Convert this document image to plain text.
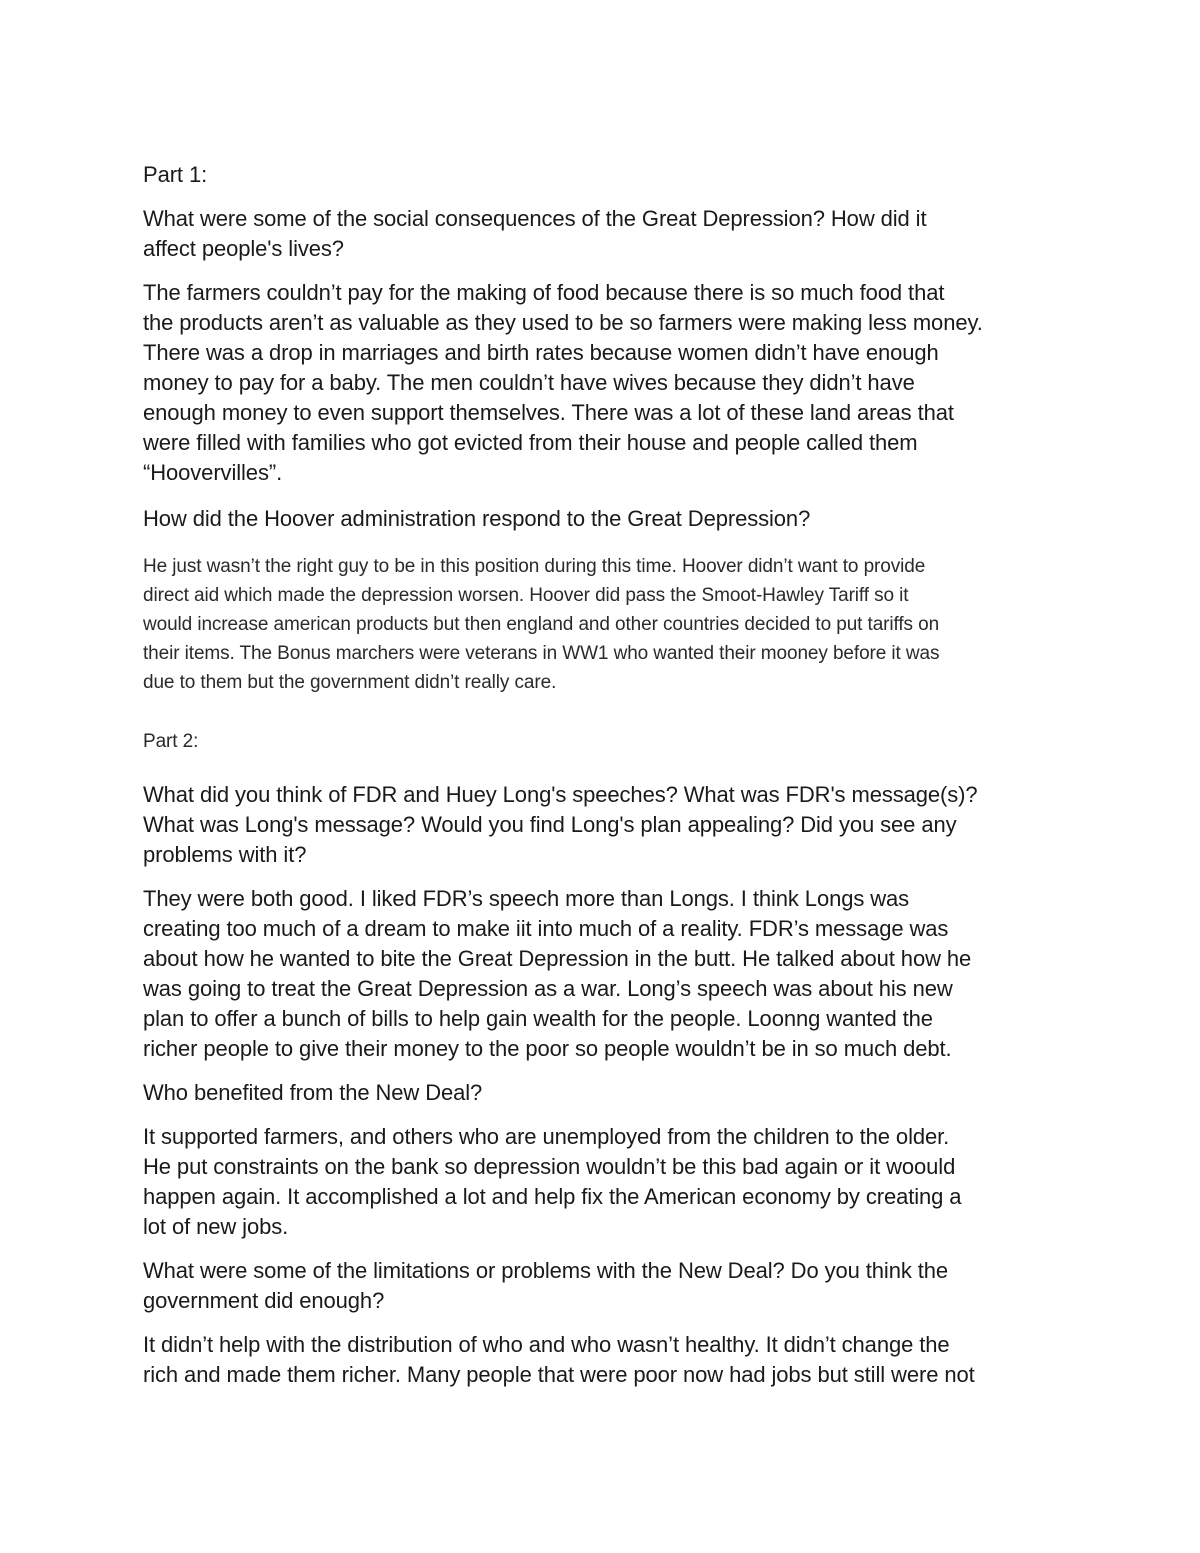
Part 1:

What were some of the social consequences of the Great Depression? How did it
affect people's lives?

The farmers couldn’t pay for the making of food because there is so much food that
the products aren’t as valuable as they used to be so farmers were making less money.
There was a drop in marriages and birth rates because women didn’t have enough
money to pay for a baby. The men couldn’t have wives because they didn’t have
enough money to even support themselves. There was a lot of these land areas that
were filled with families who got evicted from their house and people called them
“Hoovervilles”.

How did the Hoover administration respond to the Great Depression?

He just wasn’t the right guy to be in this position during this time. Hoover didn’t want to provide
direct aid which made the depression worsen. Hoover did pass the Smoot-Hawley Tariff so it
would increase american products but then england and other countries decided to put tariffs on
their items. The Bonus marchers were veterans in WW1 who wanted their mooney before it was
due to them but the government didn’t really care.

Part 2:

What did you think of FDR and Huey Long's speeches? What was FDR's message(s)?
What was Long's message? Would you find Long's plan appealing? Did you see any
problems with it?

They were both good. I liked FDR’s speech more than Longs. I think Longs was
creating too much of a dream to make iit into much of a reality. FDR’s message was
about how he wanted to bite the Great Depression in the butt. He talked about how he
was going to treat the Great Depression as a war. Long’s speech was about his new
plan to offer a bunch of bills to help gain wealth for the people. Loonng wanted the
richer people to give their money to the poor so people wouldn’t be in so much debt.

Who benefited from the New Deal?

It supported farmers, and others who are unemployed from the children to the older.
He put constraints on the bank so depression wouldn’t be this bad again or it woould
happen again. It accomplished a lot and help fix the American economy by creating a
lot of new jobs.

What were some of the limitations or problems with the New Deal? Do you think the
government did enough?

It didn’t help with the distribution of who and who wasn’t healthy. It didn’t change the
rich and made them richer. Many people that were poor now had jobs but still were not
